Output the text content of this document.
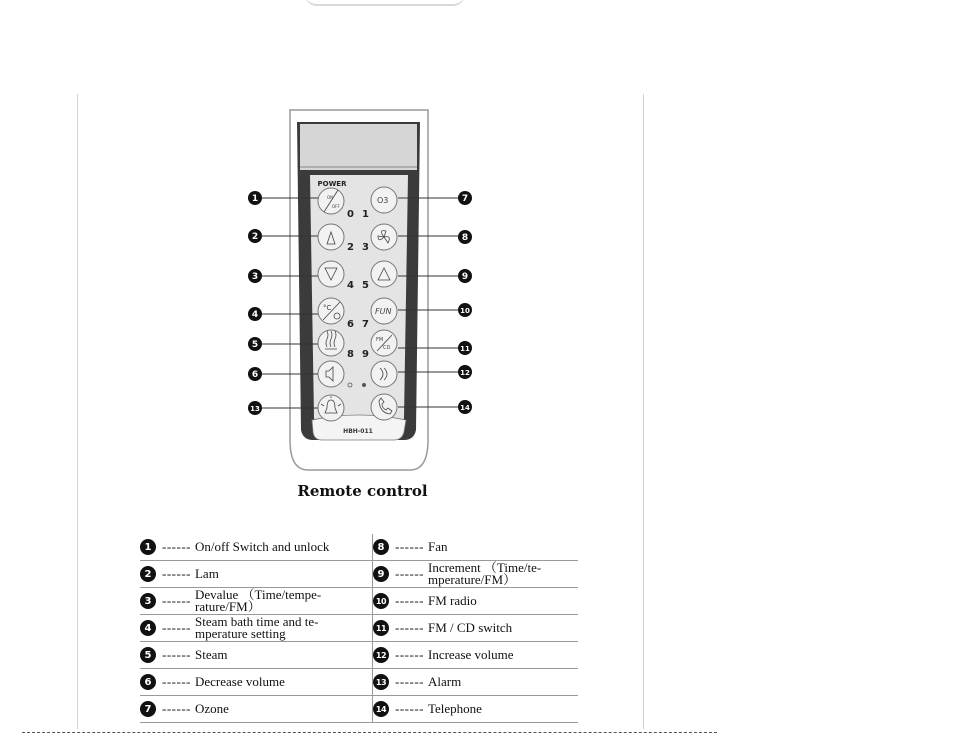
HBH-011
POWER
ON
OFF
°C
O3
FUN
FM
CD
0 1
2 3
4 5
6 7
8 9
1
2
3
4
5
6
13
7
8
9
10
11
12
14
Remote control
1 ------ On/off Switch and unlock	8 ------ Fan

2 ------ Lam	9 ------ Increment （Time/te-
mperature/FM）

3 ------ Devalue （Time/tempe-
rature/FM）	10 ------ FM radio

4 ------ Steam bath time and te-
mperature setting	11 ------ FM / CD switch

5 ------ Steam	12 ------ Increase volume

6 ------ Decrease volume	13 ------ Alarm

7 ------ Ozone	14 ------ Telephone
